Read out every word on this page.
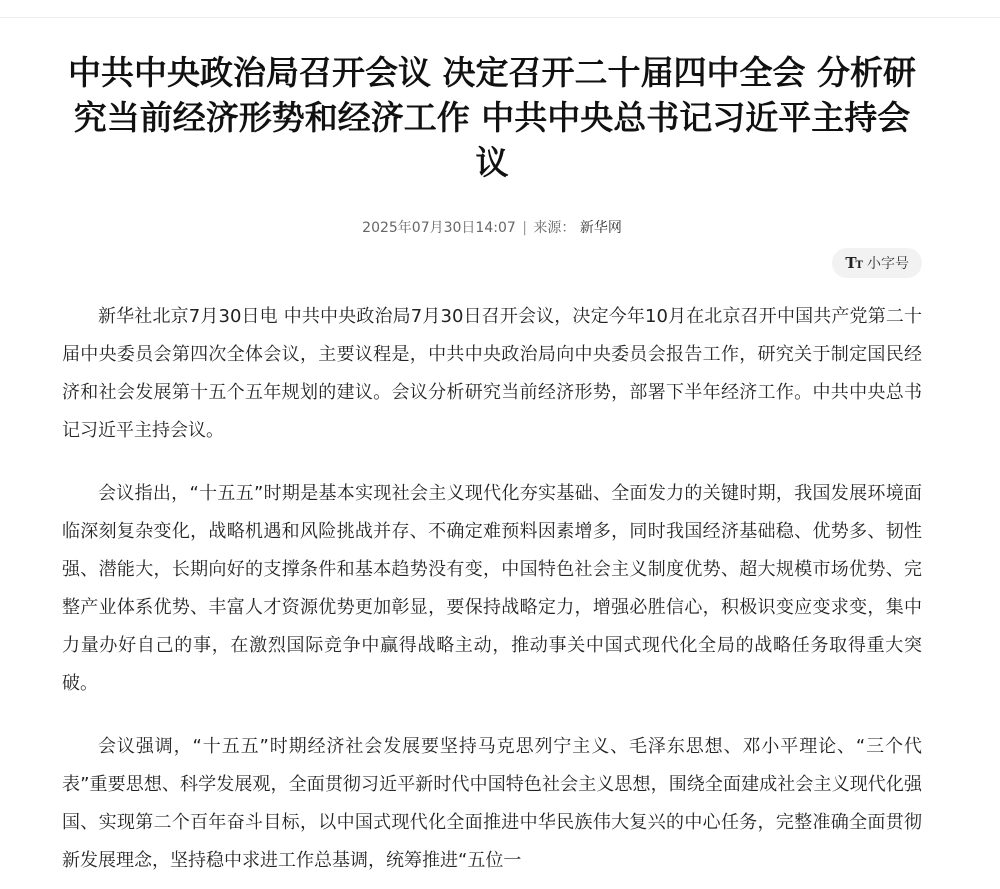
中共中央政治局召开会议 决定召开二十届四中全会 分析研究当前经济形势和经济工作 中共中央总书记习近平主持会议
2025年07月30日14:07 | 来源： 新华网
TT 小字号

新华社北京7月30日电 中共中央政治局7月30日召开会议，决定今年10月在北京召开中国共产党第二十届中央委员会第四次全体会议，主要议程是，中共中央政治局向中央委员会报告工作，研究关于制定国民经济和社会发展第十五个五年规划的建议。会议分析研究当前经济形势，部署下半年经济工作。中共中央总书记习近平主持会议。

会议指出，“十五五”时期是基本实现社会主义现代化夯实基础、全面发力的关键时期，我国发展环境面临深刻复杂变化，战略机遇和风险挑战并存、不确定难预料因素增多，同时我国经济基础稳、优势多、韧性强、潜能大，长期向好的支撑条件和基本趋势没有变，中国特色社会主义制度优势、超大规模市场优势、完整产业体系优势、丰富人才资源优势更加彰显，要保持战略定力，增强必胜信心，积极识变应变求变，集中力量办好自己的事，在激烈国际竞争中赢得战略主动，推动事关中国式现代化全局的战略任务取得重大突破。

会议强调，“十五五”时期经济社会发展要坚持马克思列宁主义、毛泽东思想、邓小平理论、“三个代表”重要思想、科学发展观，全面贯彻习近平新时代中国特色社会主义思想，围绕全面建成社会主义现代化强国、实现第二个百年奋斗目标，以中国式现代化全面推进中华民族伟大复兴的中心任务，完整准确全面贯彻新发展理念，坚持稳中求进工作总基调，统筹推进“五位一
